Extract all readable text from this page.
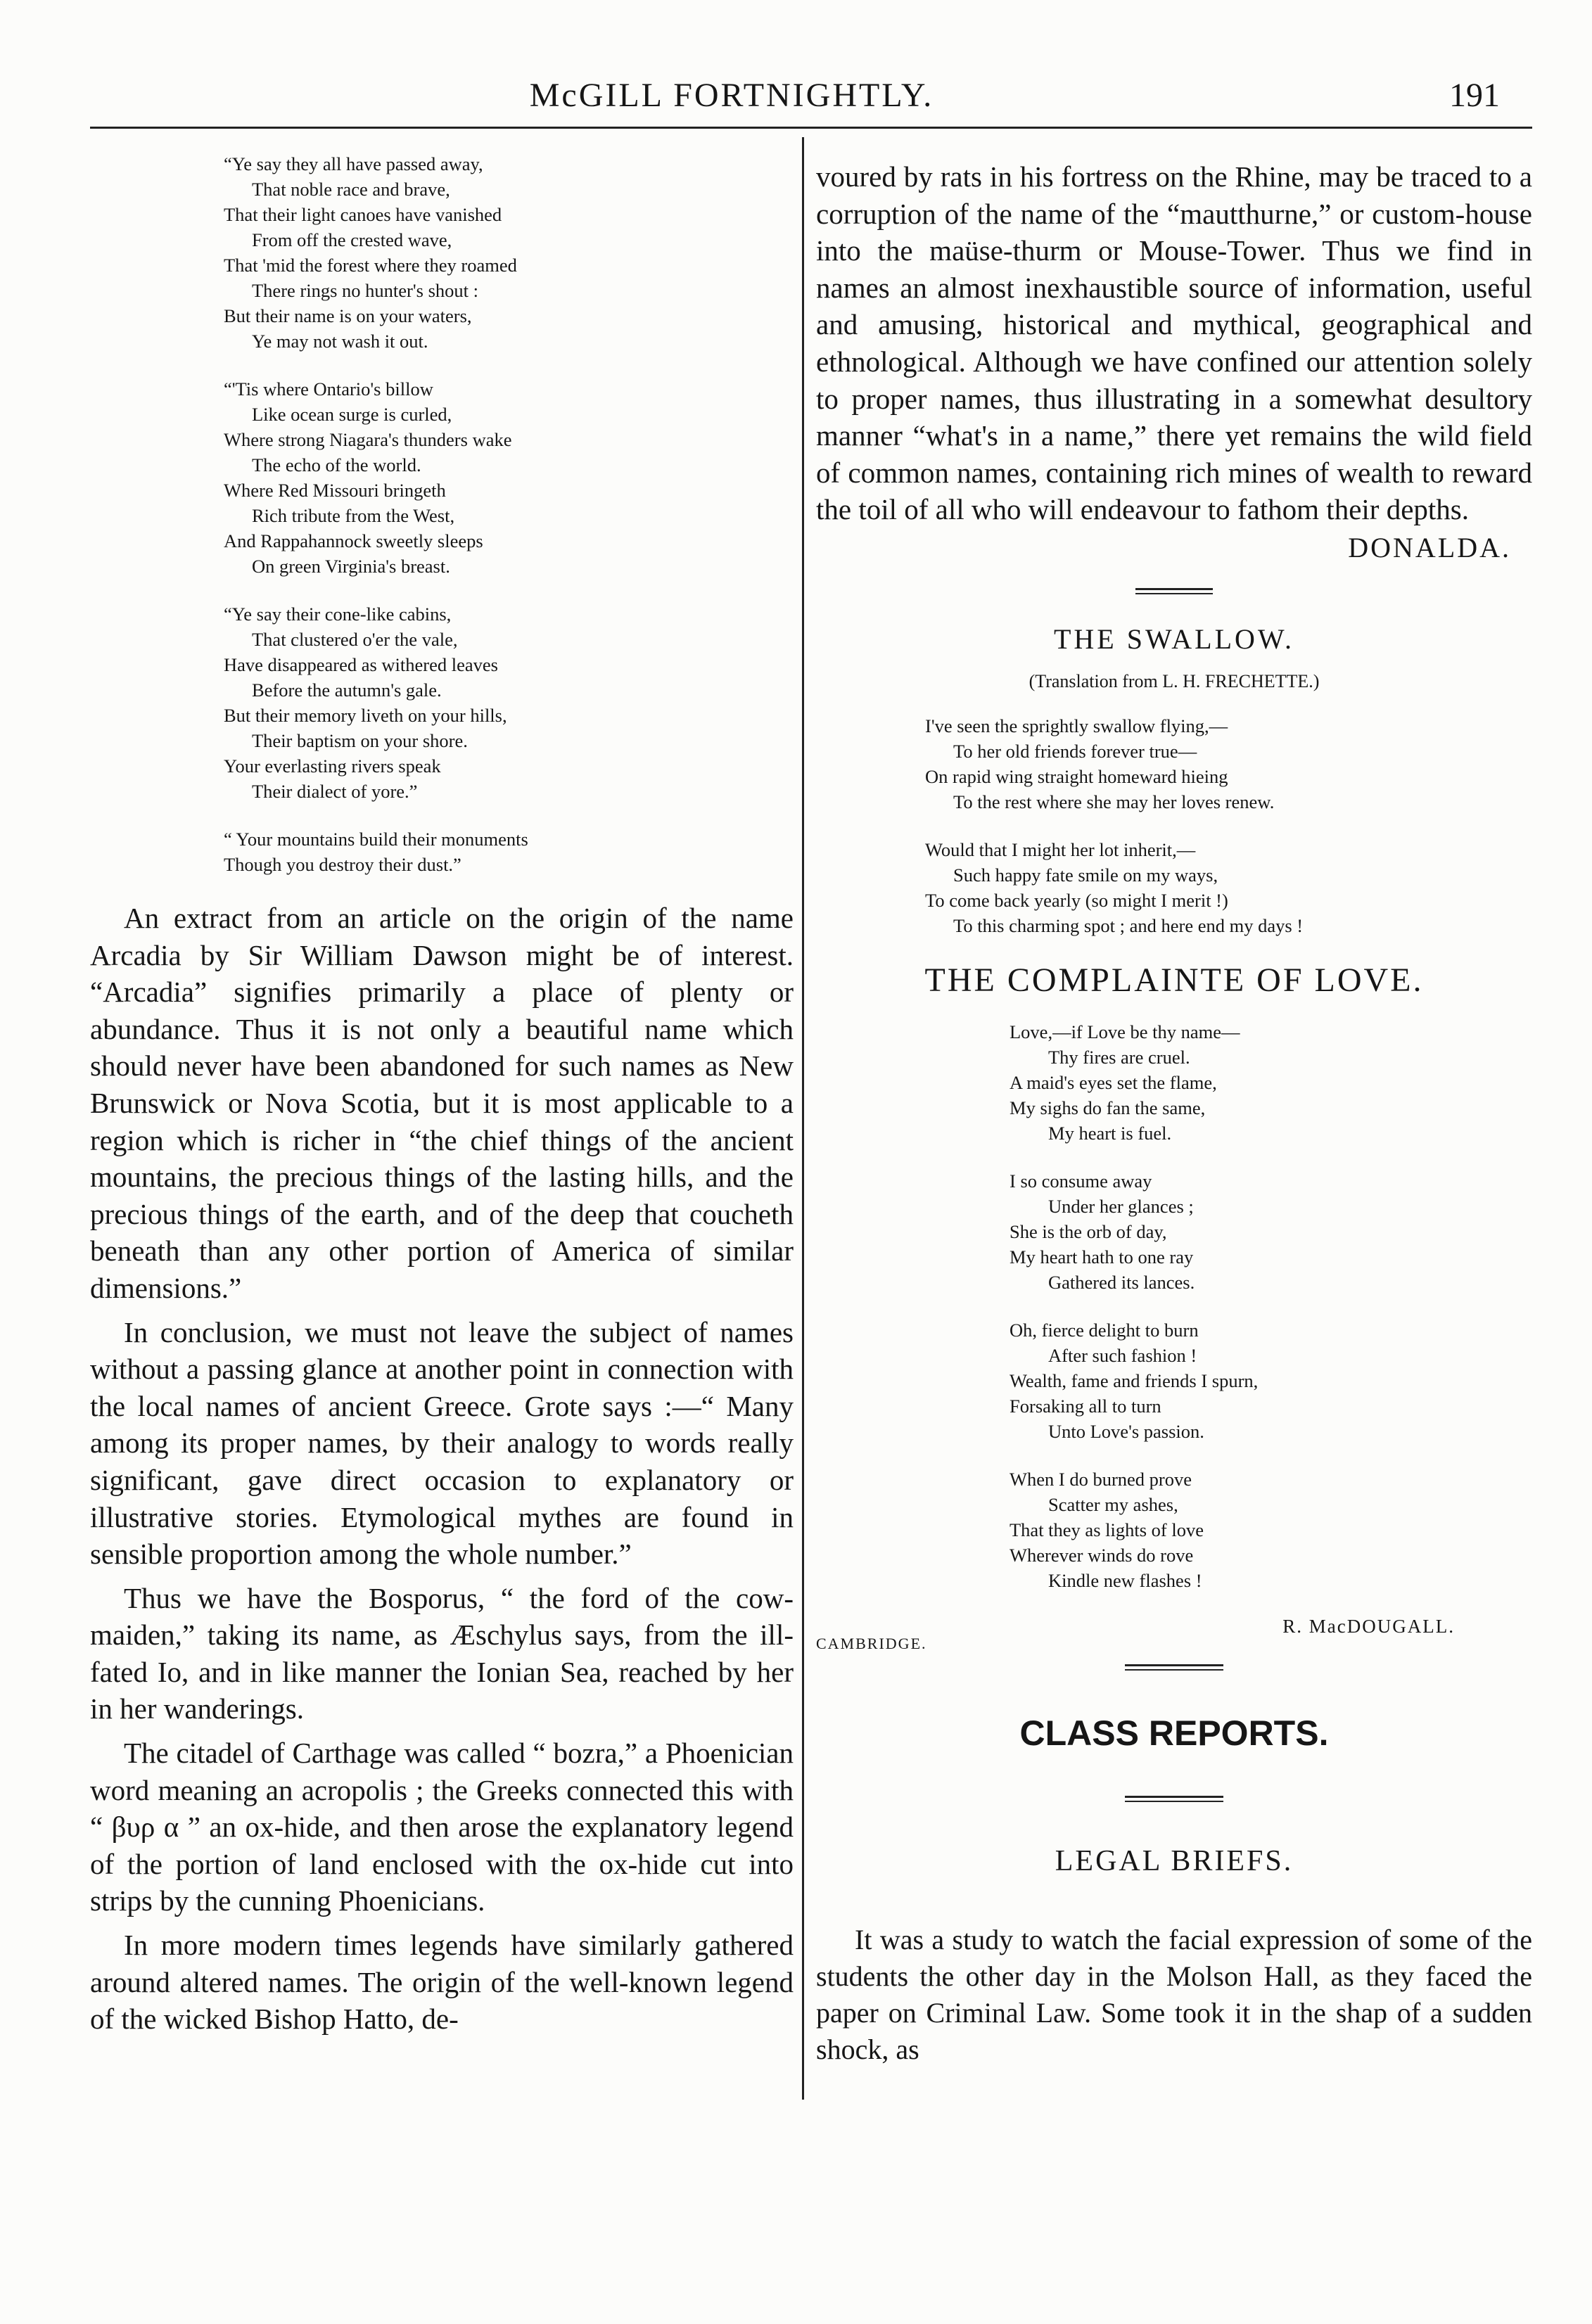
McGILL FORTNIGHTLY.	191
“Ye say they all have passed away,
That noble race and brave,
That their light canoes have vanished
From off the crested wave,
That 'mid the forest where they roamed
There rings no hunter's shout :
But their name is on your waters,
Ye may not wash it out.
“'Tis where Ontario's billow
Like ocean surge is curled,
Where strong Niagara's thunders wake
The echo of the world.
Where Red Missouri bringeth
Rich tribute from the West,
And Rappahannock sweetly sleeps
On green Virginia's breast.
“Ye say their cone-like cabins,
That clustered o'er the vale,
Have disappeared as withered leaves
Before the autumn's gale.
But their memory liveth on your hills,
Their baptism on your shore.
Your everlasting rivers speak
Their dialect of yore.”
“ Your mountains build their monuments
Though you destroy their dust.”

An extract from an article on the origin of the name Arcadia by Sir William Dawson might be of interest. “Arcadia” signifies primarily a place of plenty or abundance. Thus it is not only a beautiful name which should never have been abandoned for such names as New Brunswick or Nova Scotia, but it is most applicable to a region which is richer in “the chief things of the ancient mountains, the precious things of the lasting hills, and the precious things of the earth, and of the deep that coucheth beneath than any other portion of America of similar dimensions.”

In conclusion, we must not leave the subject of names without a passing glance at another point in connection with the local names of ancient Greece. Grote says :—“ Many among its proper names, by their analogy to words really significant, gave direct occasion to explanatory or illustrative stories. Etymological mythes are found in sensible proportion among the whole number.”

Thus we have the Bosporus, “ the ford of the cow-maiden,” taking its name, as Æschylus says, from the ill-fated Io, and in like manner the Ionian Sea, reached by her in her wanderings.

The citadel of Carthage was called “ bozra,” a Phoenician word meaning an acropolis ; the Greeks connected this with “ βυρ α ” an ox-hide, and then arose the explanatory legend of the portion of land enclosed with the ox-hide cut into strips by the cunning Phoenicians.

In more modern times legends have similarly gathered around altered names. The origin of the well-known legend of the wicked Bishop Hatto, de-

voured by rats in his fortress on the Rhine, may be traced to a corruption of the name of the “mautthurne,” or custom-house into the maüse-thurm or Mouse-Tower. Thus we find in names an almost inexhaustible source of information, useful and amusing, historical and mythical, geographical and ethnological. Although we have confined our attention solely to proper names, thus illustrating in a somewhat desultory manner “what's in a name,” there yet remains the wild field of common names, containing rich mines of wealth to reward the toil of all who will endeavour to fathom their depths.

DONALDA.
THE SWALLOW.
(Translation from L. H. FRECHETTE.)
I've seen the sprightly swallow flying,—
To her old friends forever true—
On rapid wing straight homeward hieing
To the rest where she may her loves renew.
Would that I might her lot inherit,—
Such happy fate smile on my ways,
To come back yearly (so might I merit !)
To this charming spot ; and here end my days !
THE COMPLAINTE OF LOVE.
Love,—if Love be thy name—
Thy fires are cruel.
A maid's eyes set the flame,
My sighs do fan the same,
My heart is fuel.
I so consume away
Under her glances ;
She is the orb of day,
My heart hath to one ray
Gathered its lances.
Oh, fierce delight to burn
After such fashion !
Wealth, fame and friends I spurn,
Forsaking all to turn
Unto Love's passion.
When I do burned prove
Scatter my ashes,
That they as lights of love
Wherever winds do rove
Kindle new flashes !
R. MacDOUGALL.
CAMBRIDGE.
CLASS REPORTS.
LEGAL BRIEFS.

It was a study to watch the facial expression of some of the students the other day in the Molson Hall, as they faced the paper on Criminal Law. Some took it in the shap of a sudden shock, as
